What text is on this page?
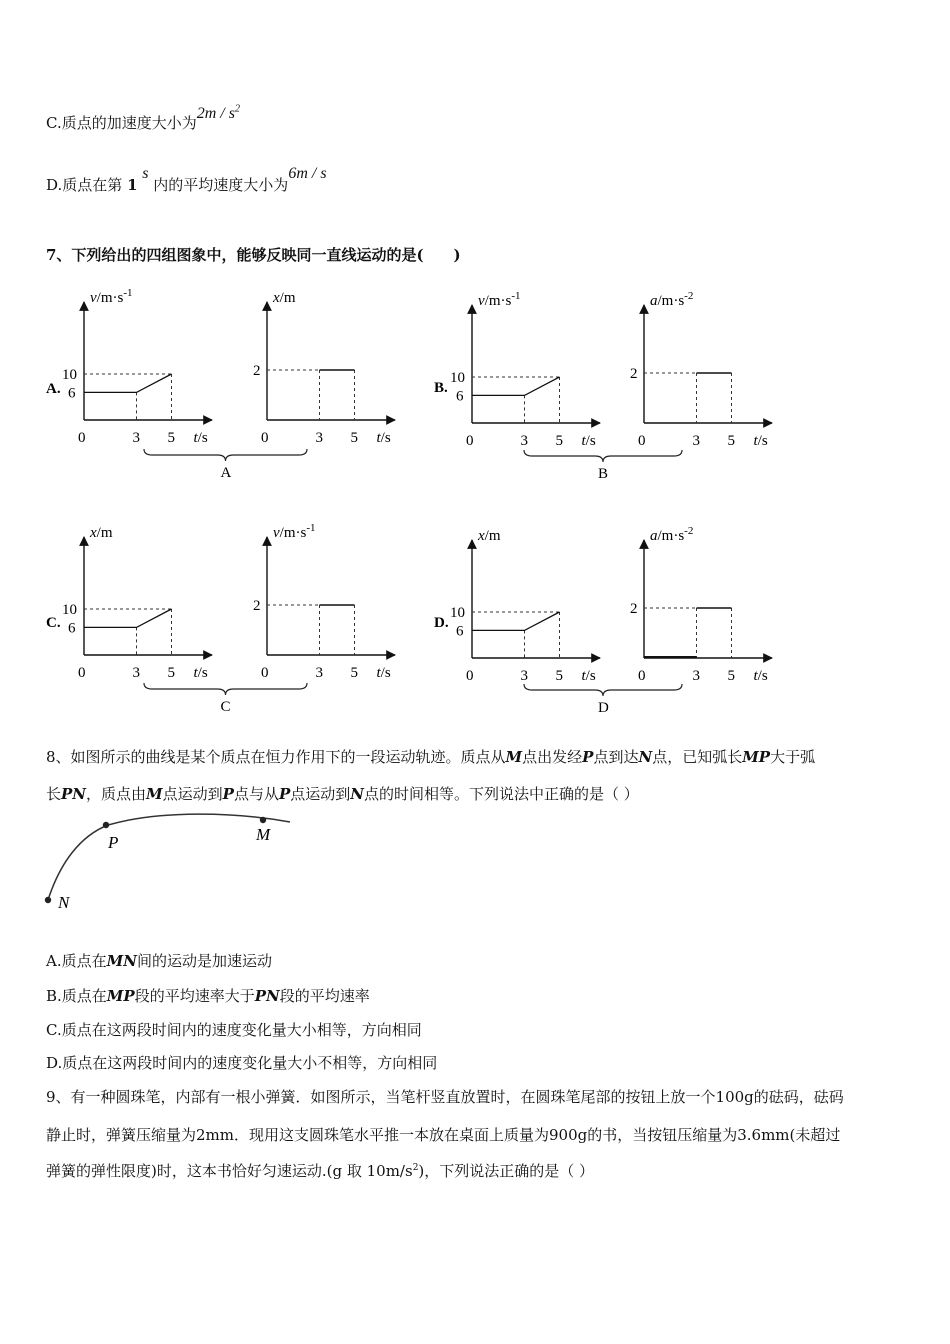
C.质点的加速度大小为$2m / s^2$
D.质点在第 1 s 内的平均速度大小为6m / s
7、下列给出的四组图象中，能够反映同一直线运动的是(　　)
A.
$v/m\cdot s^{-1}$
0	3 5 t/s
10
6
x/m
0	3 5 t/s
2
A
B.
$v/m\cdot s^{-1}$
0	3 5 t/s
10
6
$a/m\cdot s^{-2}$
0	3 5 t/s
2
B
C.
x/m
0	3 5 t/s
10
6
$v/m\cdot s^{-1}$
0	3 5 t/s
2
C
D.
x/m
0	3 5 t/s
10
6
$a/m\cdot s^{-2}$
0	3 5 t/s
2
D
8、如图所示的曲线是某个质点在恒力作用下的一段运动轨迹。质点从M点出发经P点到达N点，已知弧长MP大于弧
长PN，质点由M点运动到P点与从P点运动到N点的时间相等。下列说法中正确的是（ ）
P	M
N
A.质点在MN间的运动是加速运动
B.质点在MP段的平均速率大于PN段的平均速率
C.质点在这两段时间内的速度变化量大小相等，方向相同
D.质点在这两段时间内的速度变化量大小不相等，方向相同
9、有一种圆珠笔，内部有一根小弹簧．如图所示，当笔杆竖直放置时，在圆珠笔尾部的按钮上放一个100g的砝码，砝码
静止时，弹簧压缩量为2mm．现用这支圆珠笔水平推一本放在桌面上质量为900g的书，当按钮压缩量为3.6mm(未超过
弹簧的弹性限度)时，这本书恰好匀速运动.(g 取 $10m/s^2$)，下列说法正确的是（ ）
